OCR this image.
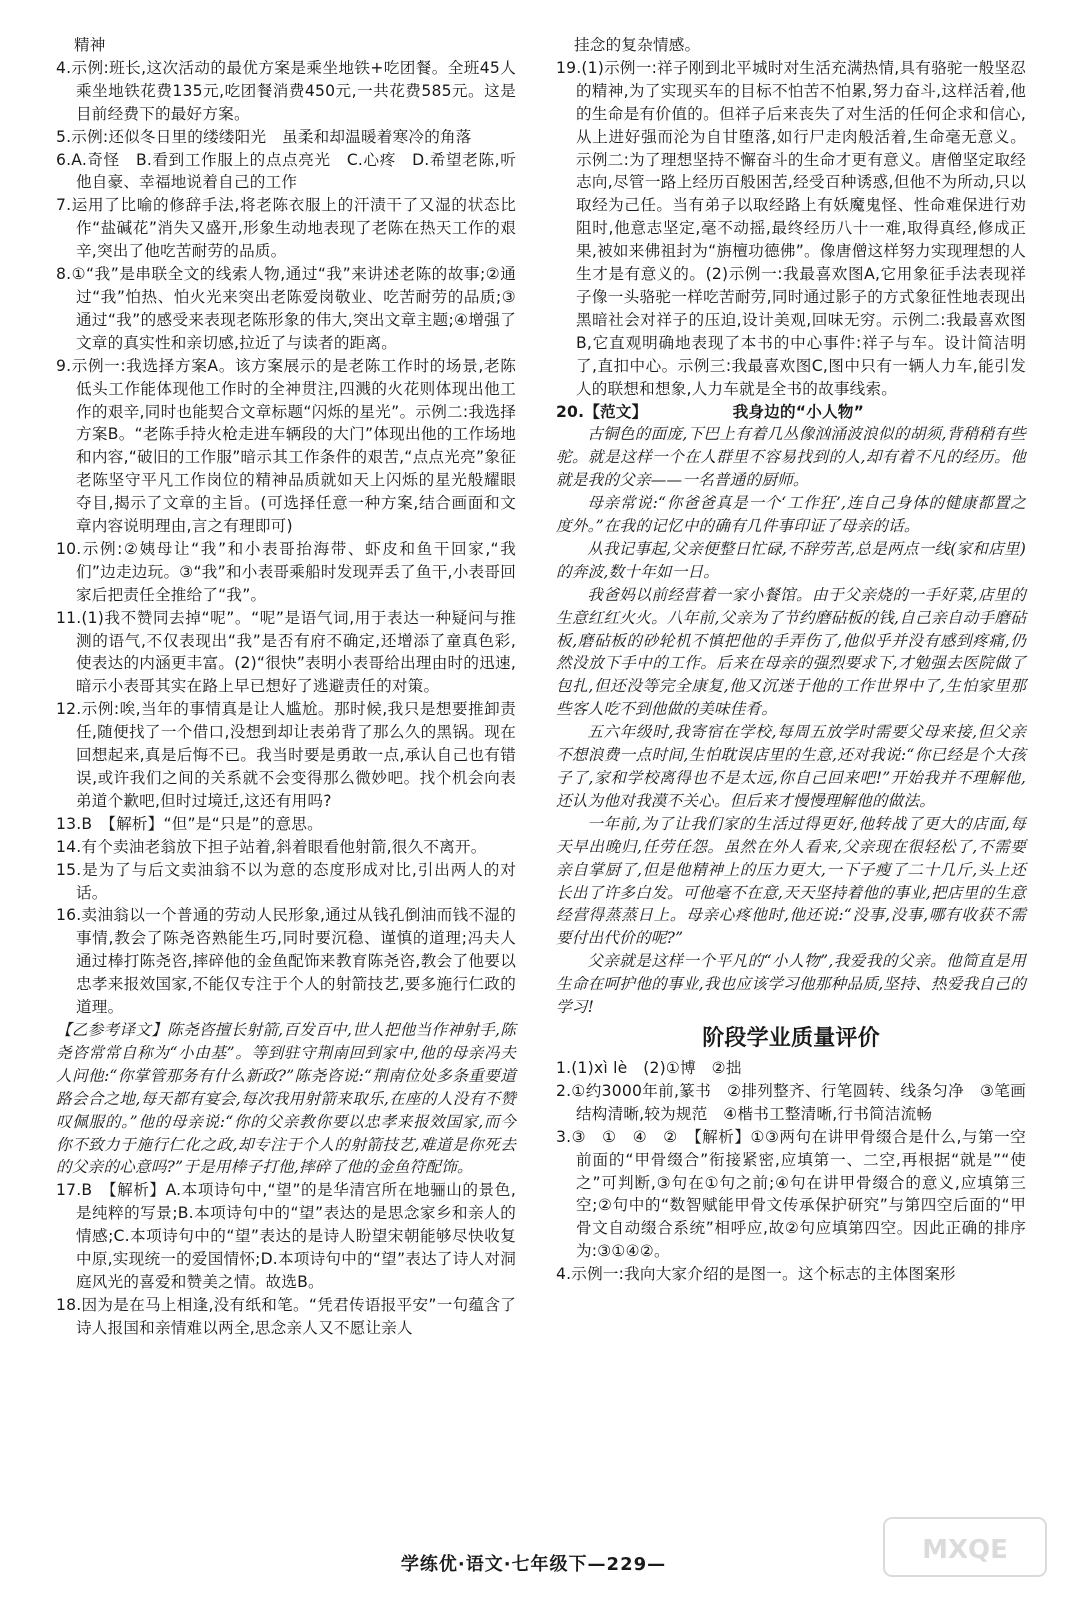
精神
4.示例:班长,这次活动的最优方案是乘坐地铁+吃团餐。全班45人乘坐地铁花费135元,吃团餐消费450元,一共花费585元。这是目前经费下的最好方案。
5.示例:还似冬日里的缕缕阳光　虽柔和却温暖着寒冷的角落
6.A.奇怪　B.看到工作服上的点点亮光　C.心疼　D.希望老陈,听他自豪、幸福地说着自己的工作
7.运用了比喻的修辞手法,将老陈衣服上的汗渍干了又湿的状态比作“盐碱花”消失又盛开,形象生动地表现了老陈在热天工作的艰辛,突出了他吃苦耐劳的品质。
8.①“我”是串联全文的线索人物,通过“我”来讲述老陈的故事;②通过“我”怕热、怕火光来突出老陈爱岗敬业、吃苦耐劳的品质;③通过“我”的感受来表现老陈形象的伟大,突出文章主题;④增强了文章的真实性和亲切感,拉近了与读者的距离。
9.示例一:我选择方案A。该方案展示的是老陈工作时的场景,老陈低头工作能体现他工作时的全神贯注,四溅的火花则体现出他工作的艰辛,同时也能契合文章标题“闪烁的星光”。示例二:我选择方案B。“老陈手持火枪走进车辆段的大门”体现出他的工作场地和内容,“破旧的工作服”暗示其工作条件的艰苦,“点点光亮”象征老陈坚守平凡工作岗位的精神品质就如天上闪烁的星光般耀眼夺目,揭示了文章的主旨。(可选择任意一种方案,结合画面和文章内容说明理由,言之有理即可)
10.示例:②姨母让“我”和小表哥抬海带、虾皮和鱼干回家,“我们”边走边玩。③“我”和小表哥乘船时发现弄丢了鱼干,小表哥回家后把责任全推给了“我”。
11.(1)我不赞同去掉“呢”。“呢”是语气词,用于表达一种疑问与推测的语气,不仅表现出“我”是否有府不确定,还增添了童真色彩,使表达的内涵更丰富。(2)“很快”表明小表哥给出理由时的迅速,暗示小表哥其实在路上早已想好了逃避责任的对策。
12.示例:唉,当年的事情真是让人尴尬。那时候,我只是想要推卸责任,随便找了一个借口,没想到却让表弟背了那么久的黑锅。现在回想起来,真是后悔不已。我当时要是勇敢一点,承认自己也有错误,或许我们之间的关系就不会变得那么微妙吧。找个机会向表弟道个歉吧,但时过境迁,这还有用吗?
13.B　【解析】“但”是“只是”的意思。
14.有个卖油老翁放下担子站着,斜着眼看他射箭,很久不离开。
15.是为了与后文卖油翁不以为意的态度形成对比,引出两人的对话。
16.卖油翁以一个普通的劳动人民形象,通过从钱孔倒油而钱不湿的事情,教会了陈尧咨熟能生巧,同时要沉稳、谨慎的道理;冯夫人通过棒打陈尧咨,摔碎他的金鱼配饰来教育陈尧咨,教会了他要以忠孝来报效国家,不能仅专注于个人的射箭技艺,要多施行仁政的道理。
【乙参考译文】陈尧咨擅长射箭,百发百中,世人把他当作神射手,陈尧咨常常自称为“小由基”。等到驻守荆南回到家中,他的母亲冯夫人问他:“你掌管那务有什么新政?”陈尧咨说:“荆南位处多条重要道路会合之地,每天都有宴会,每次我用射箭来取乐,在座的人没有不赞叹佩服的。”他的母亲说:“你的父亲教你要以忠孝来报效国家,而今你不致力于施行仁化之政,却专注于个人的射箭技艺,难道是你死去的父亲的心意吗?”于是用棒子打他,摔碎了他的金鱼符配饰。
17.B　【解析】A.本项诗句中,“望”的是华清宫所在地骊山的景色,是纯粹的写景;B.本项诗句中的“望”表达的是思念家乡和亲人的情感;C.本项诗句中的“望”表达的是诗人盼望宋朝能够尽快收复中原,实现统一的爱国情怀;D.本项诗句中的“望”表达了诗人对洞庭风光的喜爱和赞美之情。故选B。
18.因为是在马上相逢,没有纸和笔。“凭君传语报平安”一句蕴含了诗人报国和亲情难以两全,思念亲人又不愿让亲人
挂念的复杂情感。
19.(1)示例一:祥子刚到北平城时对生活充满热情,具有骆驼一般坚忍的精神,为了实现买车的目标不怕苦不怕累,努力奋斗,这样活着,他的生命是有价值的。但祥子后来丧失了对生活的任何企求和信心,从上进好强而沦为自甘堕落,如行尸走肉般活着,生命毫无意义。示例二:为了理想坚持不懈奋斗的生命才更有意义。唐僧坚定取经志向,尽管一路上经历百般困苦,经受百种诱惑,但他不为所动,只以取经为己任。当有弟子以取经路上有妖魔鬼怪、性命难保进行劝阻时,他意志坚定,毫不动摇,最终经历八十一难,取得真经,修成正果,被如来佛祖封为“旃檀功德佛”。像唐僧这样努力实现理想的人生才是有意义的。(2)示例一:我最喜欢图A,它用象征手法表现祥子像一头骆驼一样吃苦耐劳,同时通过影子的方式象征性地表现出黑暗社会对祥子的压迫,设计美观,回味无穷。示例二:我最喜欢图B,它直观明确地表现了本书的中心事件:祥子与车。设计简洁明了,直扣中心。示例三:我最喜欢图C,图中只有一辆人力车,能引发人的联想和想象,人力车就是全书的故事线索。
20.【范文】	我身边的“小人物”
古铜色的面庞,下巴上有着几丛像汹涌波浪似的胡须,背稍稍有些驼。就是这样一个在人群里不容易找到的人,却有着不凡的经历。他就是我的父亲——一名普通的厨师。
母亲常说:“你爸爸真是一个‘工作狂’,连自己身体的健康都置之度外。”在我的记忆中的确有几件事印证了母亲的话。
从我记事起,父亲便整日忙碌,不辞劳苦,总是两点一线(家和店里)的奔波,数十年如一日。
我爸妈以前经营着一家小餐馆。由于父亲烧的一手好菜,店里的生意红红火火。八年前,父亲为了节约磨砧板的钱,自己亲自动手磨砧板,磨砧板的砂轮机不慎把他的手弄伤了,他似乎并没有感到疼痛,仍然没放下手中的工作。后来在母亲的强烈要求下,才勉强去医院做了包扎,但还没等完全康复,他又沉迷于他的工作世界中了,生怕家里那些客人吃不到他做的美味佳肴。
五六年级时,我寄宿在学校,每周五放学时需要父母来接,但父亲不想浪费一点时间,生怕耽误店里的生意,还对我说:“你已经是个大孩子了,家和学校离得也不是太远,你自己回来吧!”开始我并不理解他,还认为他对我漠不关心。但后来才慢慢理解他的做法。
一年前,为了让我们家的生活过得更好,他转战了更大的店面,每天早出晚归,任劳任怨。虽然在外人看来,父亲现在很轻松了,不需要亲自掌厨了,但是他精神上的压力更大,一下子瘦了二十几斤,头上还长出了许多白发。可他毫不在意,天天坚持着他的事业,把店里的生意经营得蒸蒸日上。母亲心疼他时,他还说:“没事,没事,哪有收获不需要付出代价的呢?”
父亲就是这样一个平凡的“小人物”,我爱我的父亲。他简直是用生命在呵护他的事业,我也应该学习他那种品质,坚持、热爱我自己的学习!
阶段学业质量评价
1.(1)xì lè　(2)①博　②拙
2.①约3000年前,篆书　②排列整齐、行笔圆转、线条匀净　③笔画结构清晰,较为规范　④楷书工整清晰,行书简洁流畅
3.③　①　④　②　【解析】①③两句在讲甲骨缀合是什么,与第一空前面的“甲骨缀合”衔接紧密,应填第一、二空,再根据“就是”“使之”可判断,③句在①句之前;④句在讲甲骨缀合的意义,应填第三空;②句中的“数智赋能甲骨文传承保护研究”与第四空后面的“甲骨文自动缀合系统”相呼应,故②句应填第四空。因此正确的排序为:③①④②。
4.示例一:我向大家介绍的是图一。这个标志的主体图案形
学练优·语文·七年级下—229—	MXQE
